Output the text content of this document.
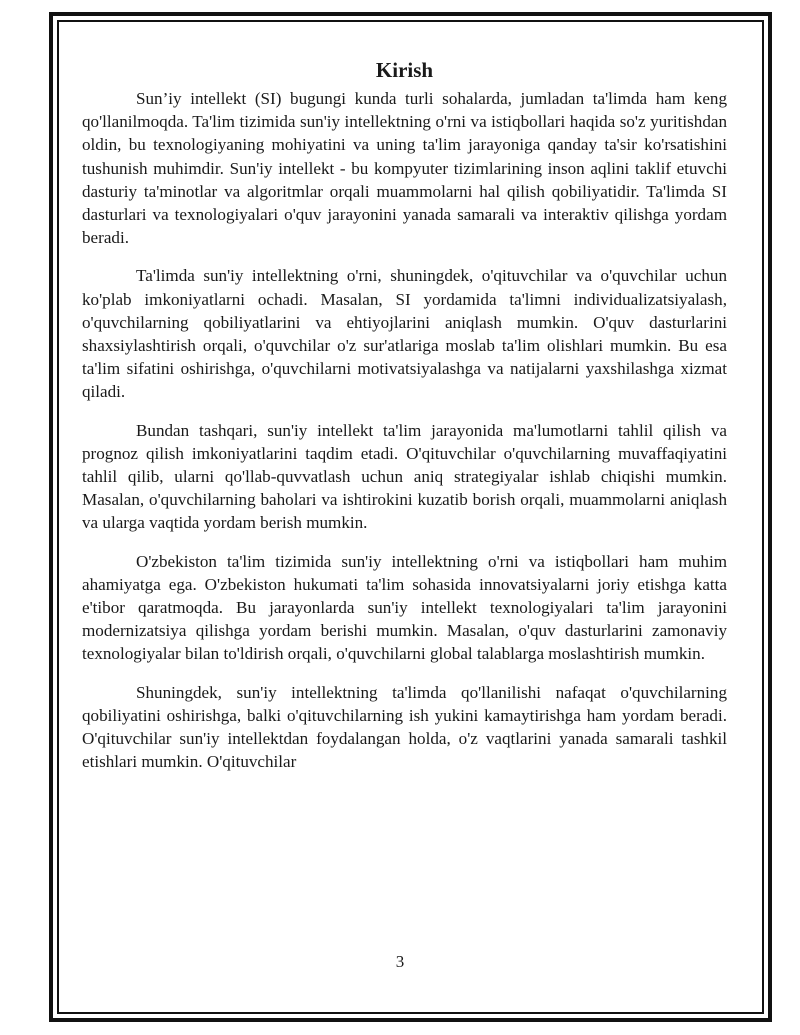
Kirish

Sun’iy intellekt (SI) bugungi kunda turli sohalarda, jumladan ta'limda ham keng qo'llanilmoqda. Ta'lim tizimida sun'iy intellektning o'rni va istiqbollari haqida so'z yuritishdan oldin, bu texnologiyaning mohiyatini va uning ta'lim jarayoniga qanday ta'sir ko'rsatishini tushunish muhimdir. Sun'iy intellekt - bu kompyuter tizimlarining inson aqlini taklif etuvchi dasturiy ta'minotlar va algoritmlar orqali muammolarni hal qilish qobiliyatidir. Ta'limda SI dasturlari va texnologiyalari o'quv jarayonini yanada samarali va interaktiv qilishga yordam beradi.

Ta'limda sun'iy intellektning o'rni, shuningdek, o'qituvchilar va o'quvchilar uchun ko'plab imkoniyatlarni ochadi. Masalan, SI yordamida ta'limni individualizatsiyalash, o'quvchilarning qobiliyatlarini va ehtiyojlarini aniqlash mumkin. O'quv dasturlarini shaxsiylashtirish orqali, o'quvchilar o'z sur'atlariga moslab ta'lim olishlari mumkin. Bu esa ta'lim sifatini oshirishga, o'quvchilarni motivatsiyalashga va natijalarni yaxshilashga xizmat qiladi.

Bundan tashqari, sun'iy intellekt ta'lim jarayonida ma'lumotlarni tahlil qilish va prognoz qilish imkoniyatlarini taqdim etadi. O'qituvchilar o'quvchilarning muvaffaqiyatini tahlil qilib, ularni qo'llab-quvvatlash uchun aniq strategiyalar ishlab chiqishi mumkin. Masalan, o'quvchilarning baholari va ishtirokini kuzatib borish orqali, muammolarni aniqlash va ularga vaqtida yordam berish mumkin.

O'zbekiston ta'lim tizimida sun'iy intellektning o'rni va istiqbollari ham muhim ahamiyatga ega. O'zbekiston hukumati ta'lim sohasida innovatsiyalarni joriy etishga katta e'tibor qaratmoqda. Bu jarayonlarda sun'iy intellekt texnologiyalari ta'lim jarayonini modernizatsiya qilishga yordam berishi mumkin. Masalan, o'quv dasturlarini zamonaviy texnologiyalar bilan to'ldirish orqali, o'quvchilarni global talablarga moslashtirish mumkin.

Shuningdek, sun'iy intellektning ta'limda qo'llanilishi nafaqat o'quvchilarning qobiliyatini oshirishga, balki o'qituvchilarning ish yukini kamaytirishga ham yordam beradi. O'qituvchilar sun'iy intellektdan foydalangan holda, o'z vaqtlarini yanada samarali tashkil etishlari mumkin. O'qituvchilar

3
